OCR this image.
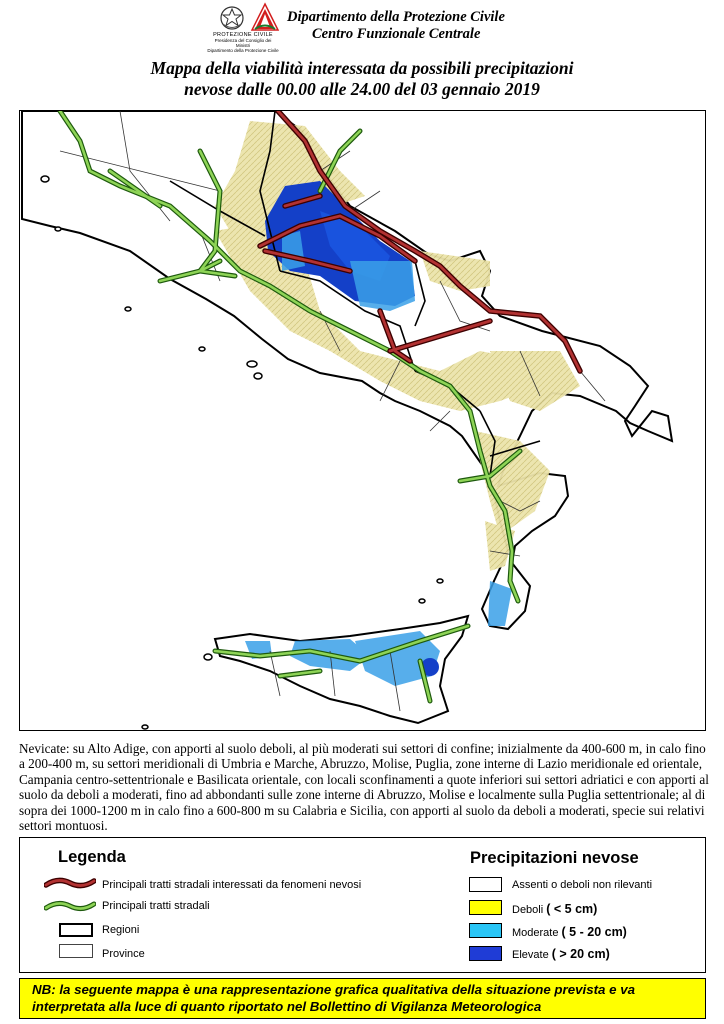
PROTEZIONE CIVILE
Presidenza del Consiglio dei Ministri
Dipartimento della Protezione Civile
Dipartimento della Protezione Civile
Centro Funzionale Centrale
Mappa della viabilità interessata da possibili precipitazioni
nevose dalle 00.00 alle 24.00 del 03 gennaio 2019
Nevicate: su Alto Adige, con apporti al suolo deboli, al più moderati sui settori di confine; inizialmente da 400-600 m, in calo fino a 200-400 m, su settori meridionali di Umbria e Marche, Abruzzo, Molise, Puglia, zone interne di Lazio meridionale ed orientale, Campania centro-settentrionale e Basilicata orientale, con locali sconfinamenti a quote inferiori sui settori adriatici e con apporti al suolo da deboli a moderati, fino ad abbondanti sulle zone interne di Abruzzo, Molise e localmente sulla Puglia settentrionale; al di sopra dei 1000-1200 m in calo fino a 600-800 m su Calabria e Sicilia, con apporti al suolo da deboli a moderati, specie sui relativi settori montuosi.
Legenda
Principali tratti stradali interessati da fenomeni nevosi
Principali tratti stradali
Regioni
Province
Precipitazioni nevose
Assenti o deboli non rilevanti
Deboli ( < 5 cm)
Moderate ( 5 - 20 cm)
Elevate ( > 20 cm)
NB: la seguente mappa è una rappresentazione grafica qualitativa della situazione prevista e va
interpretata alla luce di quanto riportato nel Bollettino di Vigilanza Meteorologica
